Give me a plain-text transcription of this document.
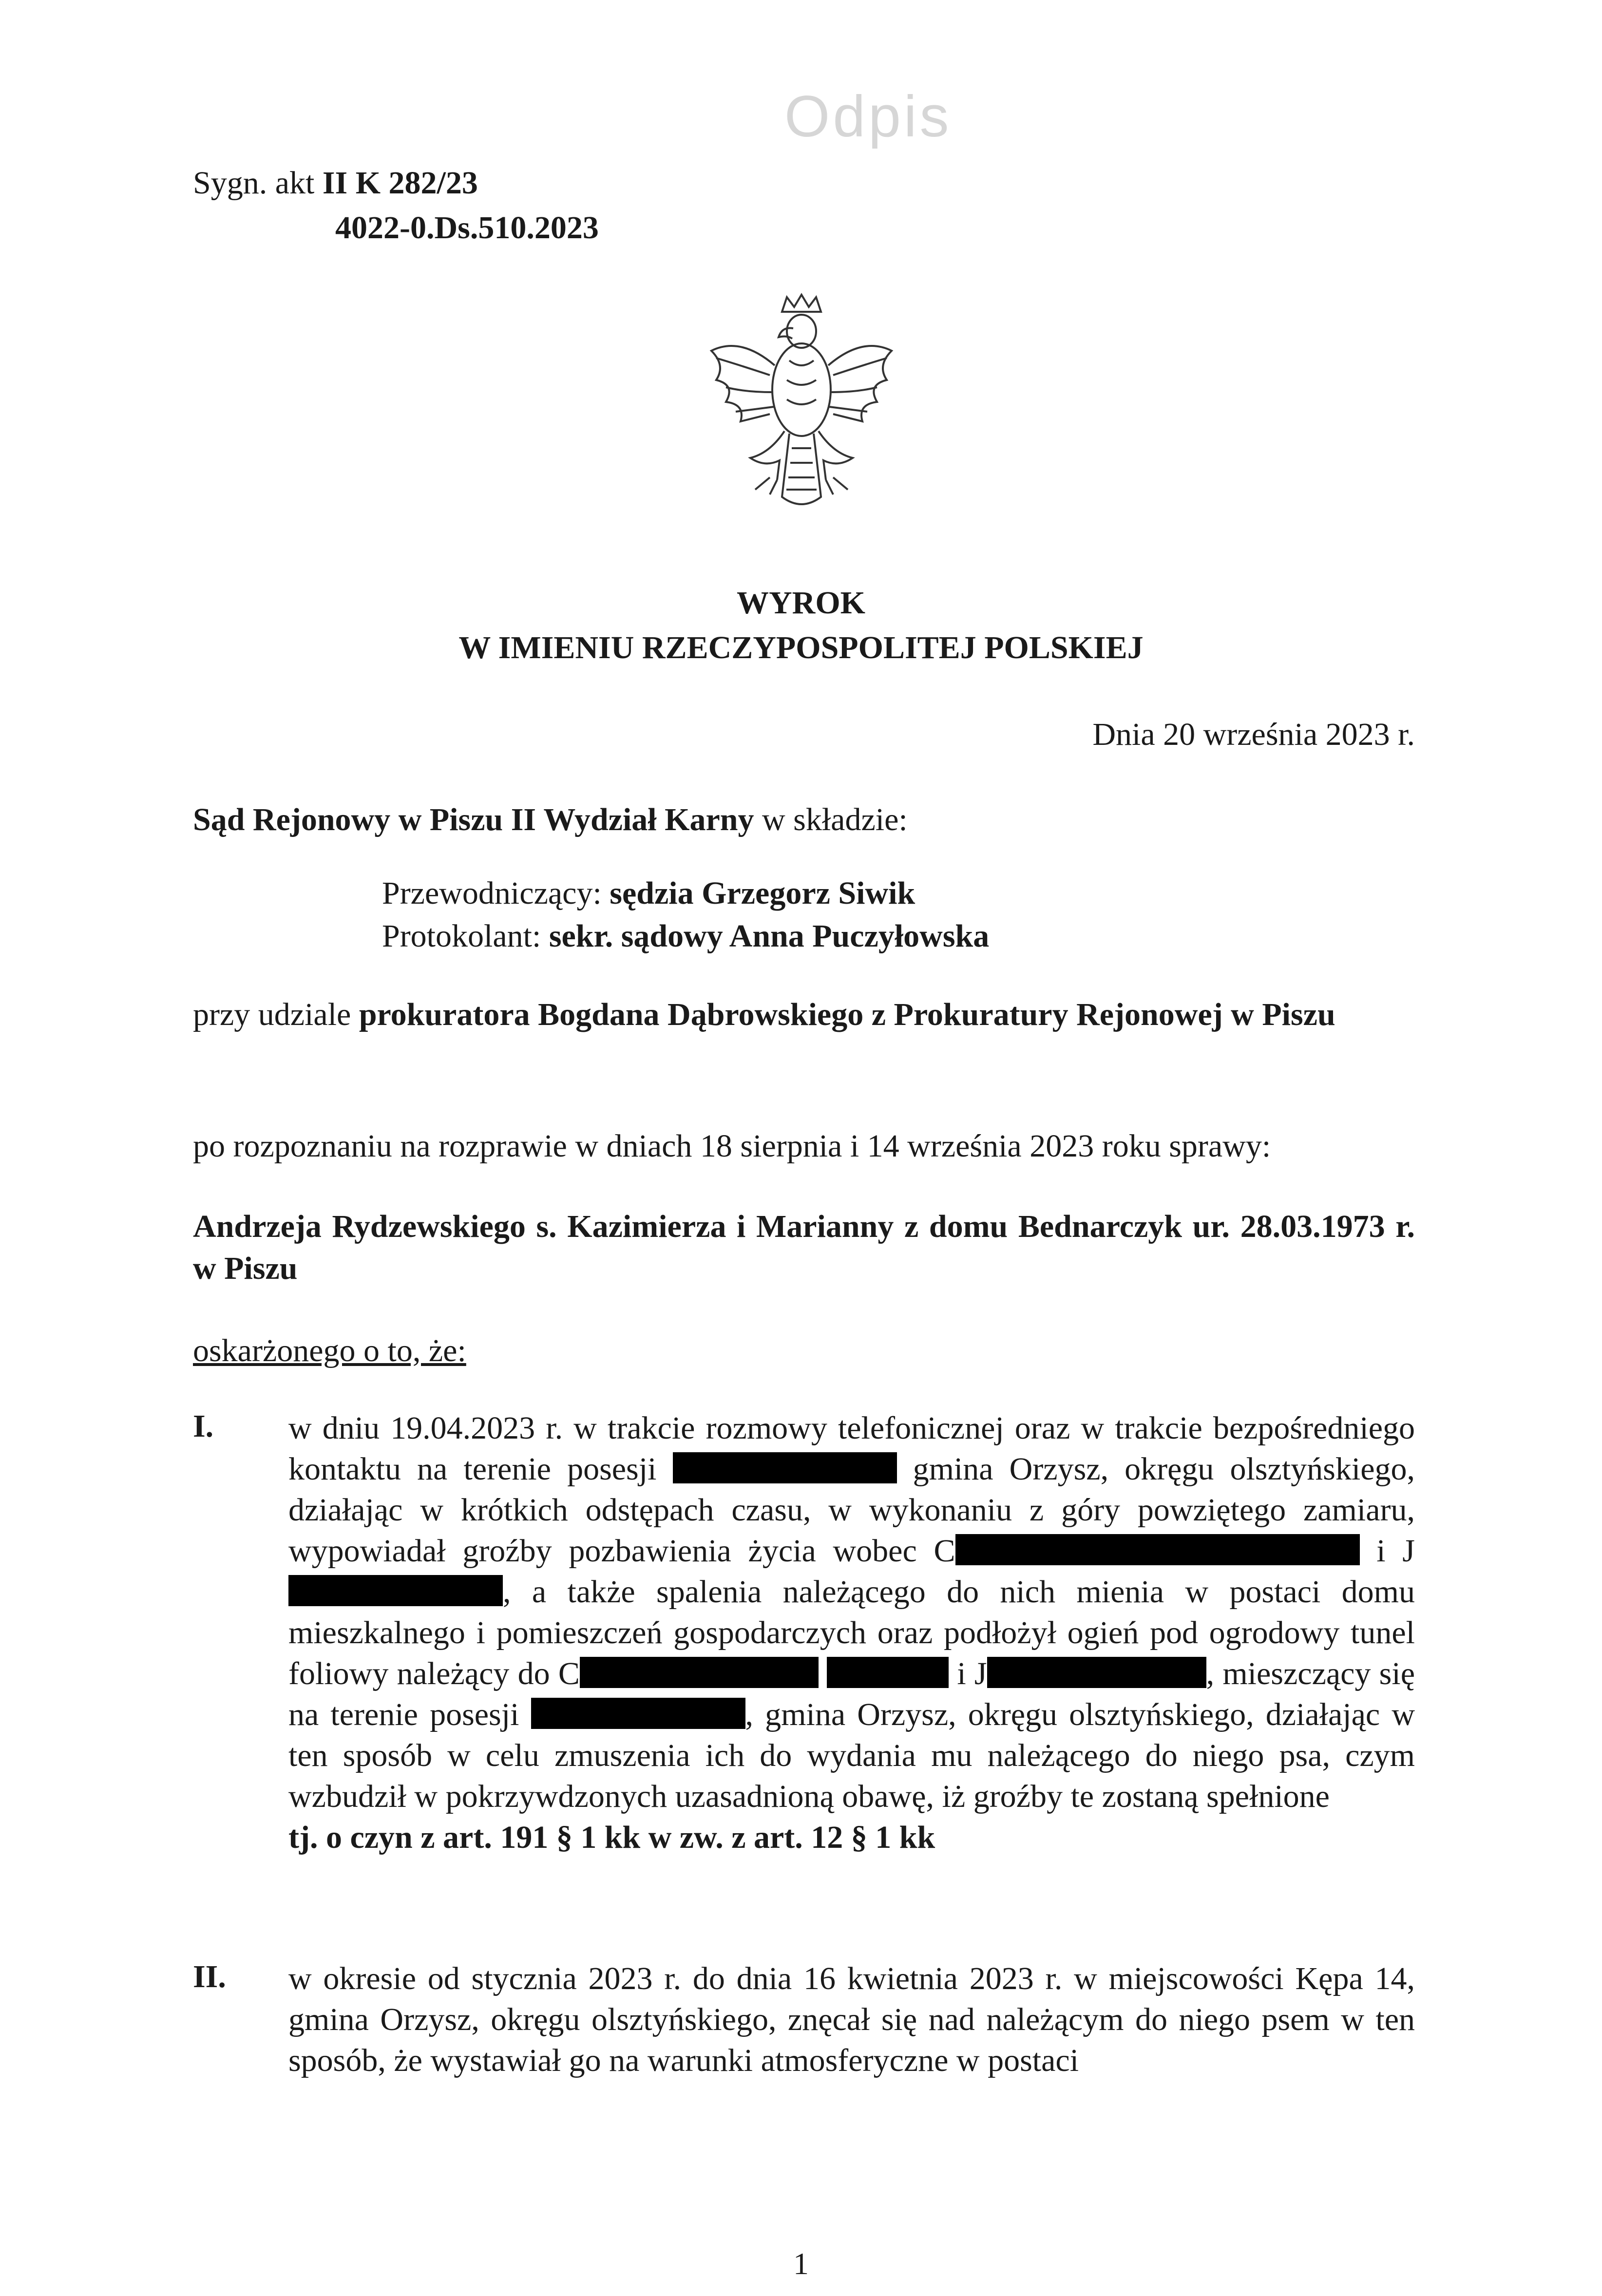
Odpis
Sygn. akt II K 282/23
4022-0.Ds.510.2023
WYROK
W IMIENIU RZECZYPOSPOLITEJ POLSKIEJ
Dnia 20 września 2023 r.
Sąd Rejonowy w Piszu II Wydział Karny w składzie:
Przewodniczący: sędzia Grzegorz Siwik
Protokolant: sekr. sądowy Anna Puczyłowska
przy udziale prokuratora Bogdana Dąbrowskiego z Prokuratury Rejonowej w Piszu
po rozpoznaniu na rozprawie w dniach 18 sierpnia i 14 września 2023 roku sprawy:
Andrzeja Rydzewskiego s. Kazimierza i Marianny z domu Bednarczyk ur. 28.03.1973 r. w Piszu
oskarżonego o to, że:
I. w dniu 19.04.2023 r. w trakcie rozmowy telefonicznej oraz w trakcie bezpośredniego kontaktu na terenie posesji	gmina Orzysz, okręgu olsztyńskiego, działając w krótkich odstępach czasu, w wykonaniu z góry powziętego zamiaru, wypowiadał groźby pozbawienia życia wobec C	i J, a także spalenia należącego do nich mienia w postaci domu mieszkalnego i pomieszczeń gospodarczych oraz podłożył ogień pod ogrodowy tunel foliowy należący do C	i J	, mieszczący się na terenie posesji	, gmina Orzysz, okręgu olsztyńskiego, działając w ten sposób w celu zmuszenia ich do wydania mu należącego do niego psa, czym wzbudził w pokrzywdzonych uzasadnioną obawę, iż groźby te zostaną spełnione
tj. o czyn z art. 191 § 1 kk w zw. z art. 12 § 1 kk
II. w okresie od stycznia 2023 r. do dnia 16 kwietnia 2023 r. w miejscowości Kępa 14, gmina Orzysz, okręgu olsztyńskiego, znęcał się nad należącym do niego psem w ten sposób, że wystawiał go na warunki atmosferyczne w postaci
1
